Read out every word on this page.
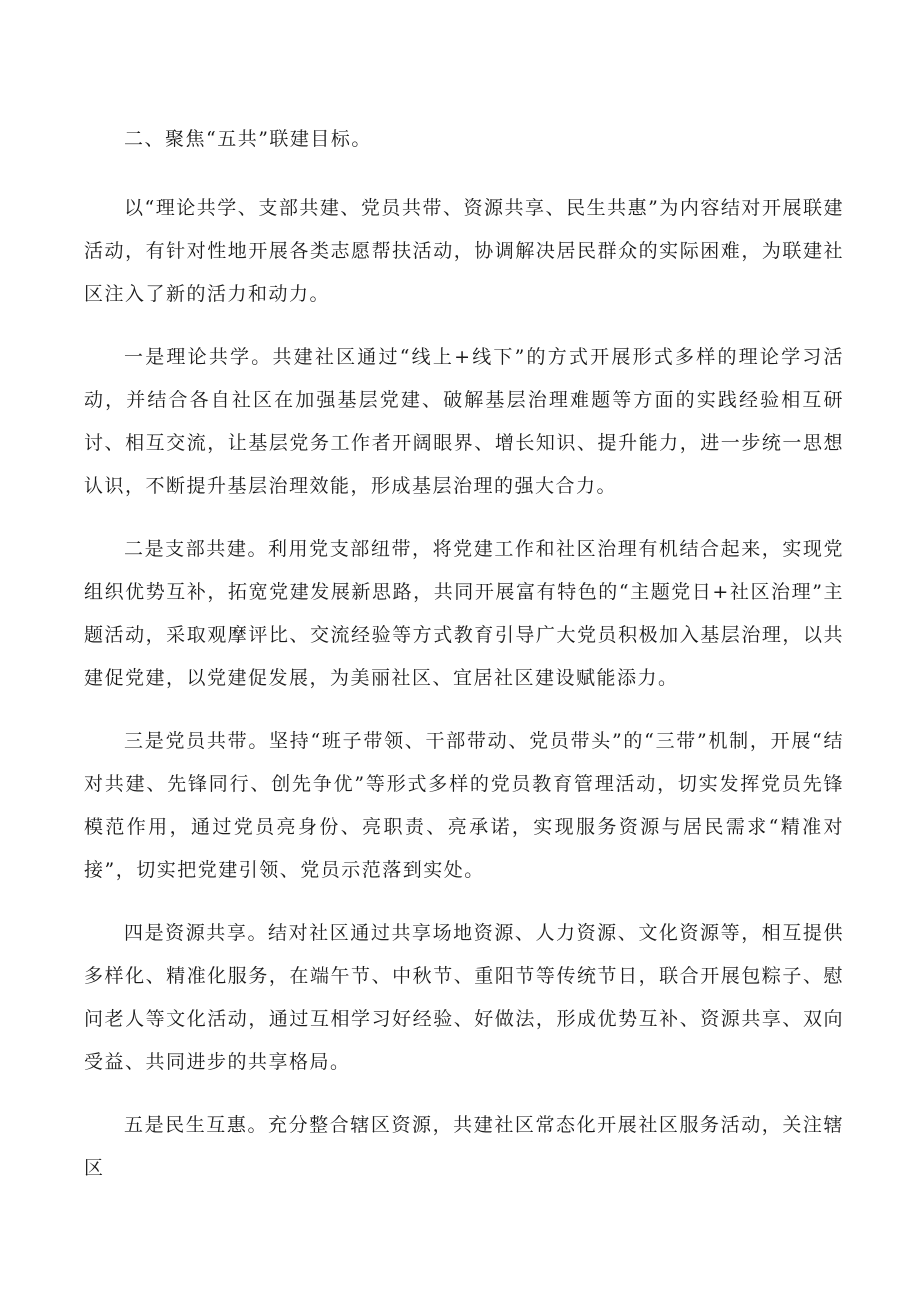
二、聚焦“五共”联建目标。

以“理论共学、支部共建、党员共带、资源共享、民生共惠”为内容结对开展联建活动，有针对性地开展各类志愿帮扶活动，协调解决居民群众的实际困难，为联建社区注入了新的活力和动力。

一是理论共学。共建社区通过“线上+线下”的方式开展形式多样的理论学习活动，并结合各自社区在加强基层党建、破解基层治理难题等方面的实践经验相互研讨、相互交流，让基层党务工作者开阔眼界、增长知识、提升能力，进一步统一思想认识，不断提升基层治理效能，形成基层治理的强大合力。

二是支部共建。利用党支部纽带，将党建工作和社区治理有机结合起来，实现党组织优势互补，拓宽党建发展新思路，共同开展富有特色的“主题党日+社区治理”主题活动，采取观摩评比、交流经验等方式教育引导广大党员积极加入基层治理，以共建促党建，以党建促发展，为美丽社区、宜居社区建设赋能添力。

三是党员共带。坚持“班子带领、干部带动、党员带头”的“三带”机制，开展“结对共建、先锋同行、创先争优”等形式多样的党员教育管理活动，切实发挥党员先锋模范作用，通过党员亮身份、亮职责、亮承诺，实现服务资源与居民需求“精准对接”，切实把党建引领、党员示范落到实处。

四是资源共享。结对社区通过共享场地资源、人力资源、文化资源等，相互提供多样化、精准化服务，在端午节、中秋节、重阳节等传统节日，联合开展包粽子、慰问老人等文化活动，通过互相学习好经验、好做法，形成优势互补、资源共享、双向受益、共同进步的共享格局。

五是民生互惠。充分整合辖区资源，共建社区常态化开展社区服务活动，关注辖区
